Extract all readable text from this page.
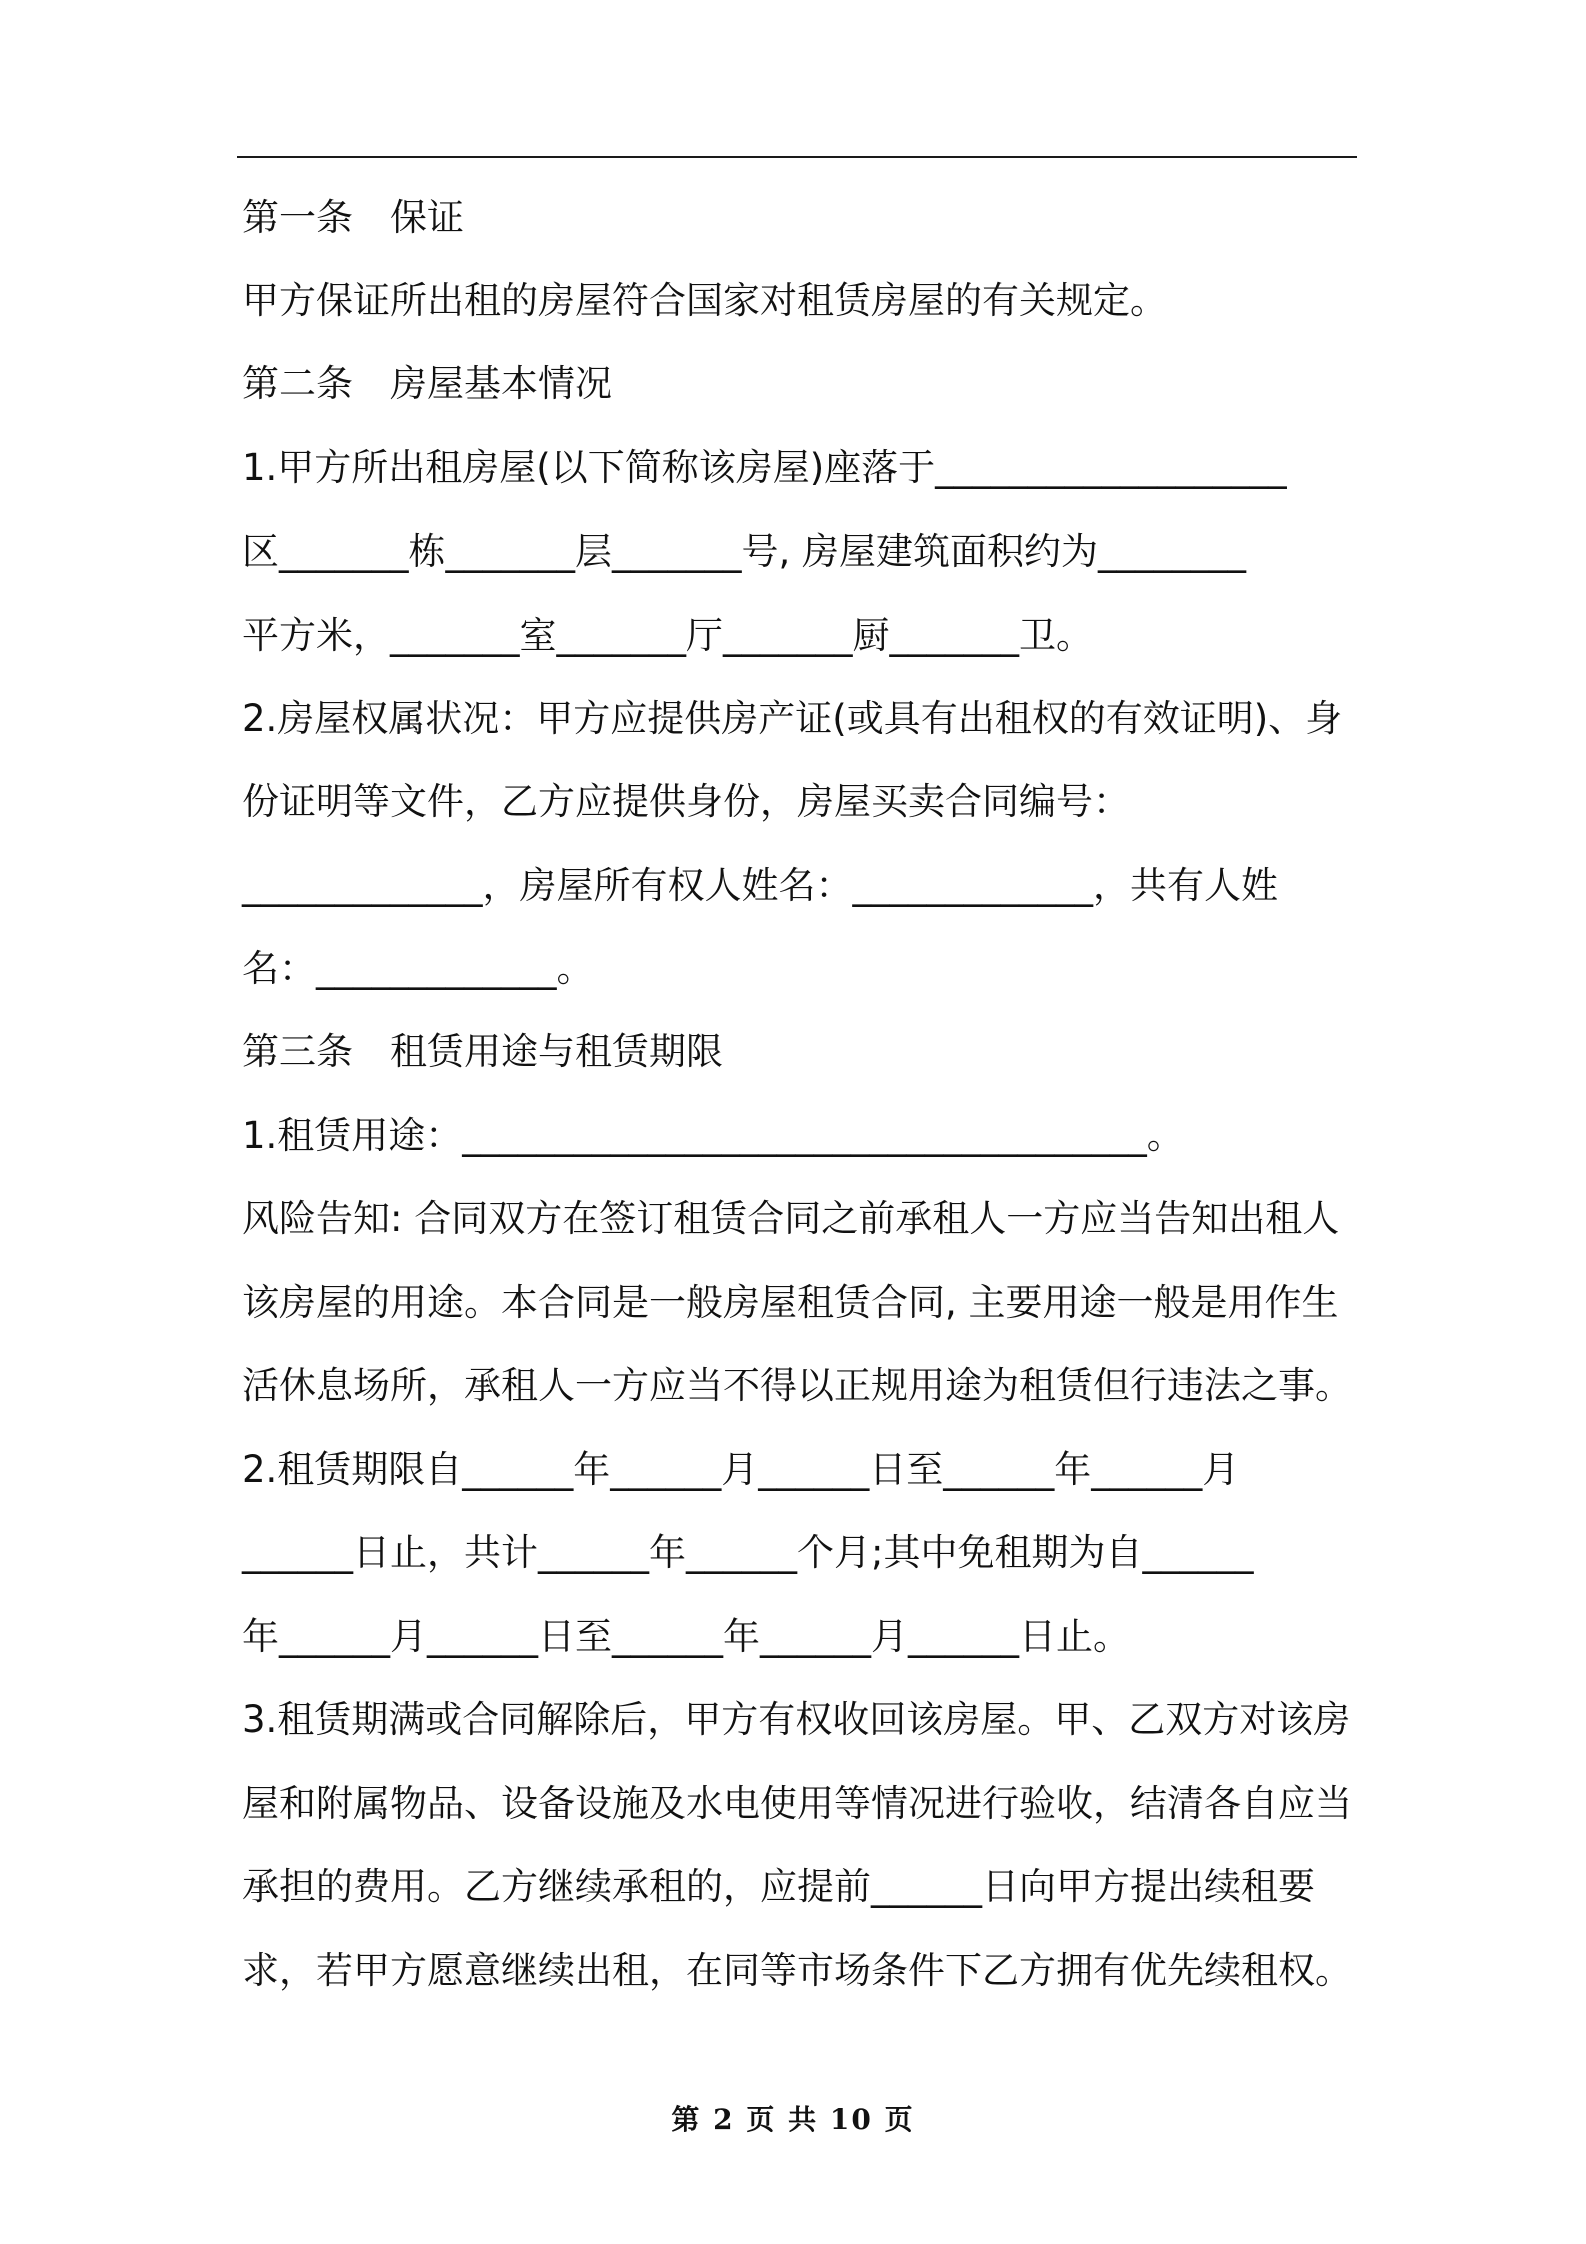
第一条　保证
甲方保证所出租的房屋符合国家对租赁房屋的有关规定。
第二条　房屋基本情况
1.甲方所出租房屋(以下简称该房屋)座落于___________________
区_______栋_______层_______号, 房屋建筑面积约为________
平方米，_______室_______厅_______厨_______卫。
2.房屋权属状况：甲方应提供房产证(或具有出租权的有效证明)、身
份证明等文件，乙方应提供身份，房屋买卖合同编号：
_____________，房屋所有权人姓名：_____________，共有人姓
名：_____________。
第三条　租赁用途与租赁期限
1.租赁用途：_____________________________________。
风险告知: 合同双方在签订租赁合同之前承租人一方应当告知出租人
该房屋的用途。本合同是一般房屋租赁合同, 主要用途一般是用作生
活休息场所，承租人一方应当不得以正规用途为租赁但行违法之事。
2.租赁期限自______年______月______日至______年______月
______日止，共计______年______个月;其中免租期为自______
年______月______日至______年______月______日止。
3.租赁期满或合同解除后，甲方有权收回该房屋。甲、乙双方对该房
屋和附属物品、设备设施及水电使用等情况进行验收，结清各自应当
承担的费用。乙方继续承租的，应提前______日向甲方提出续租要
求，若甲方愿意继续出租，在同等市场条件下乙方拥有优先续租权。
第 2 页 共 10 页
